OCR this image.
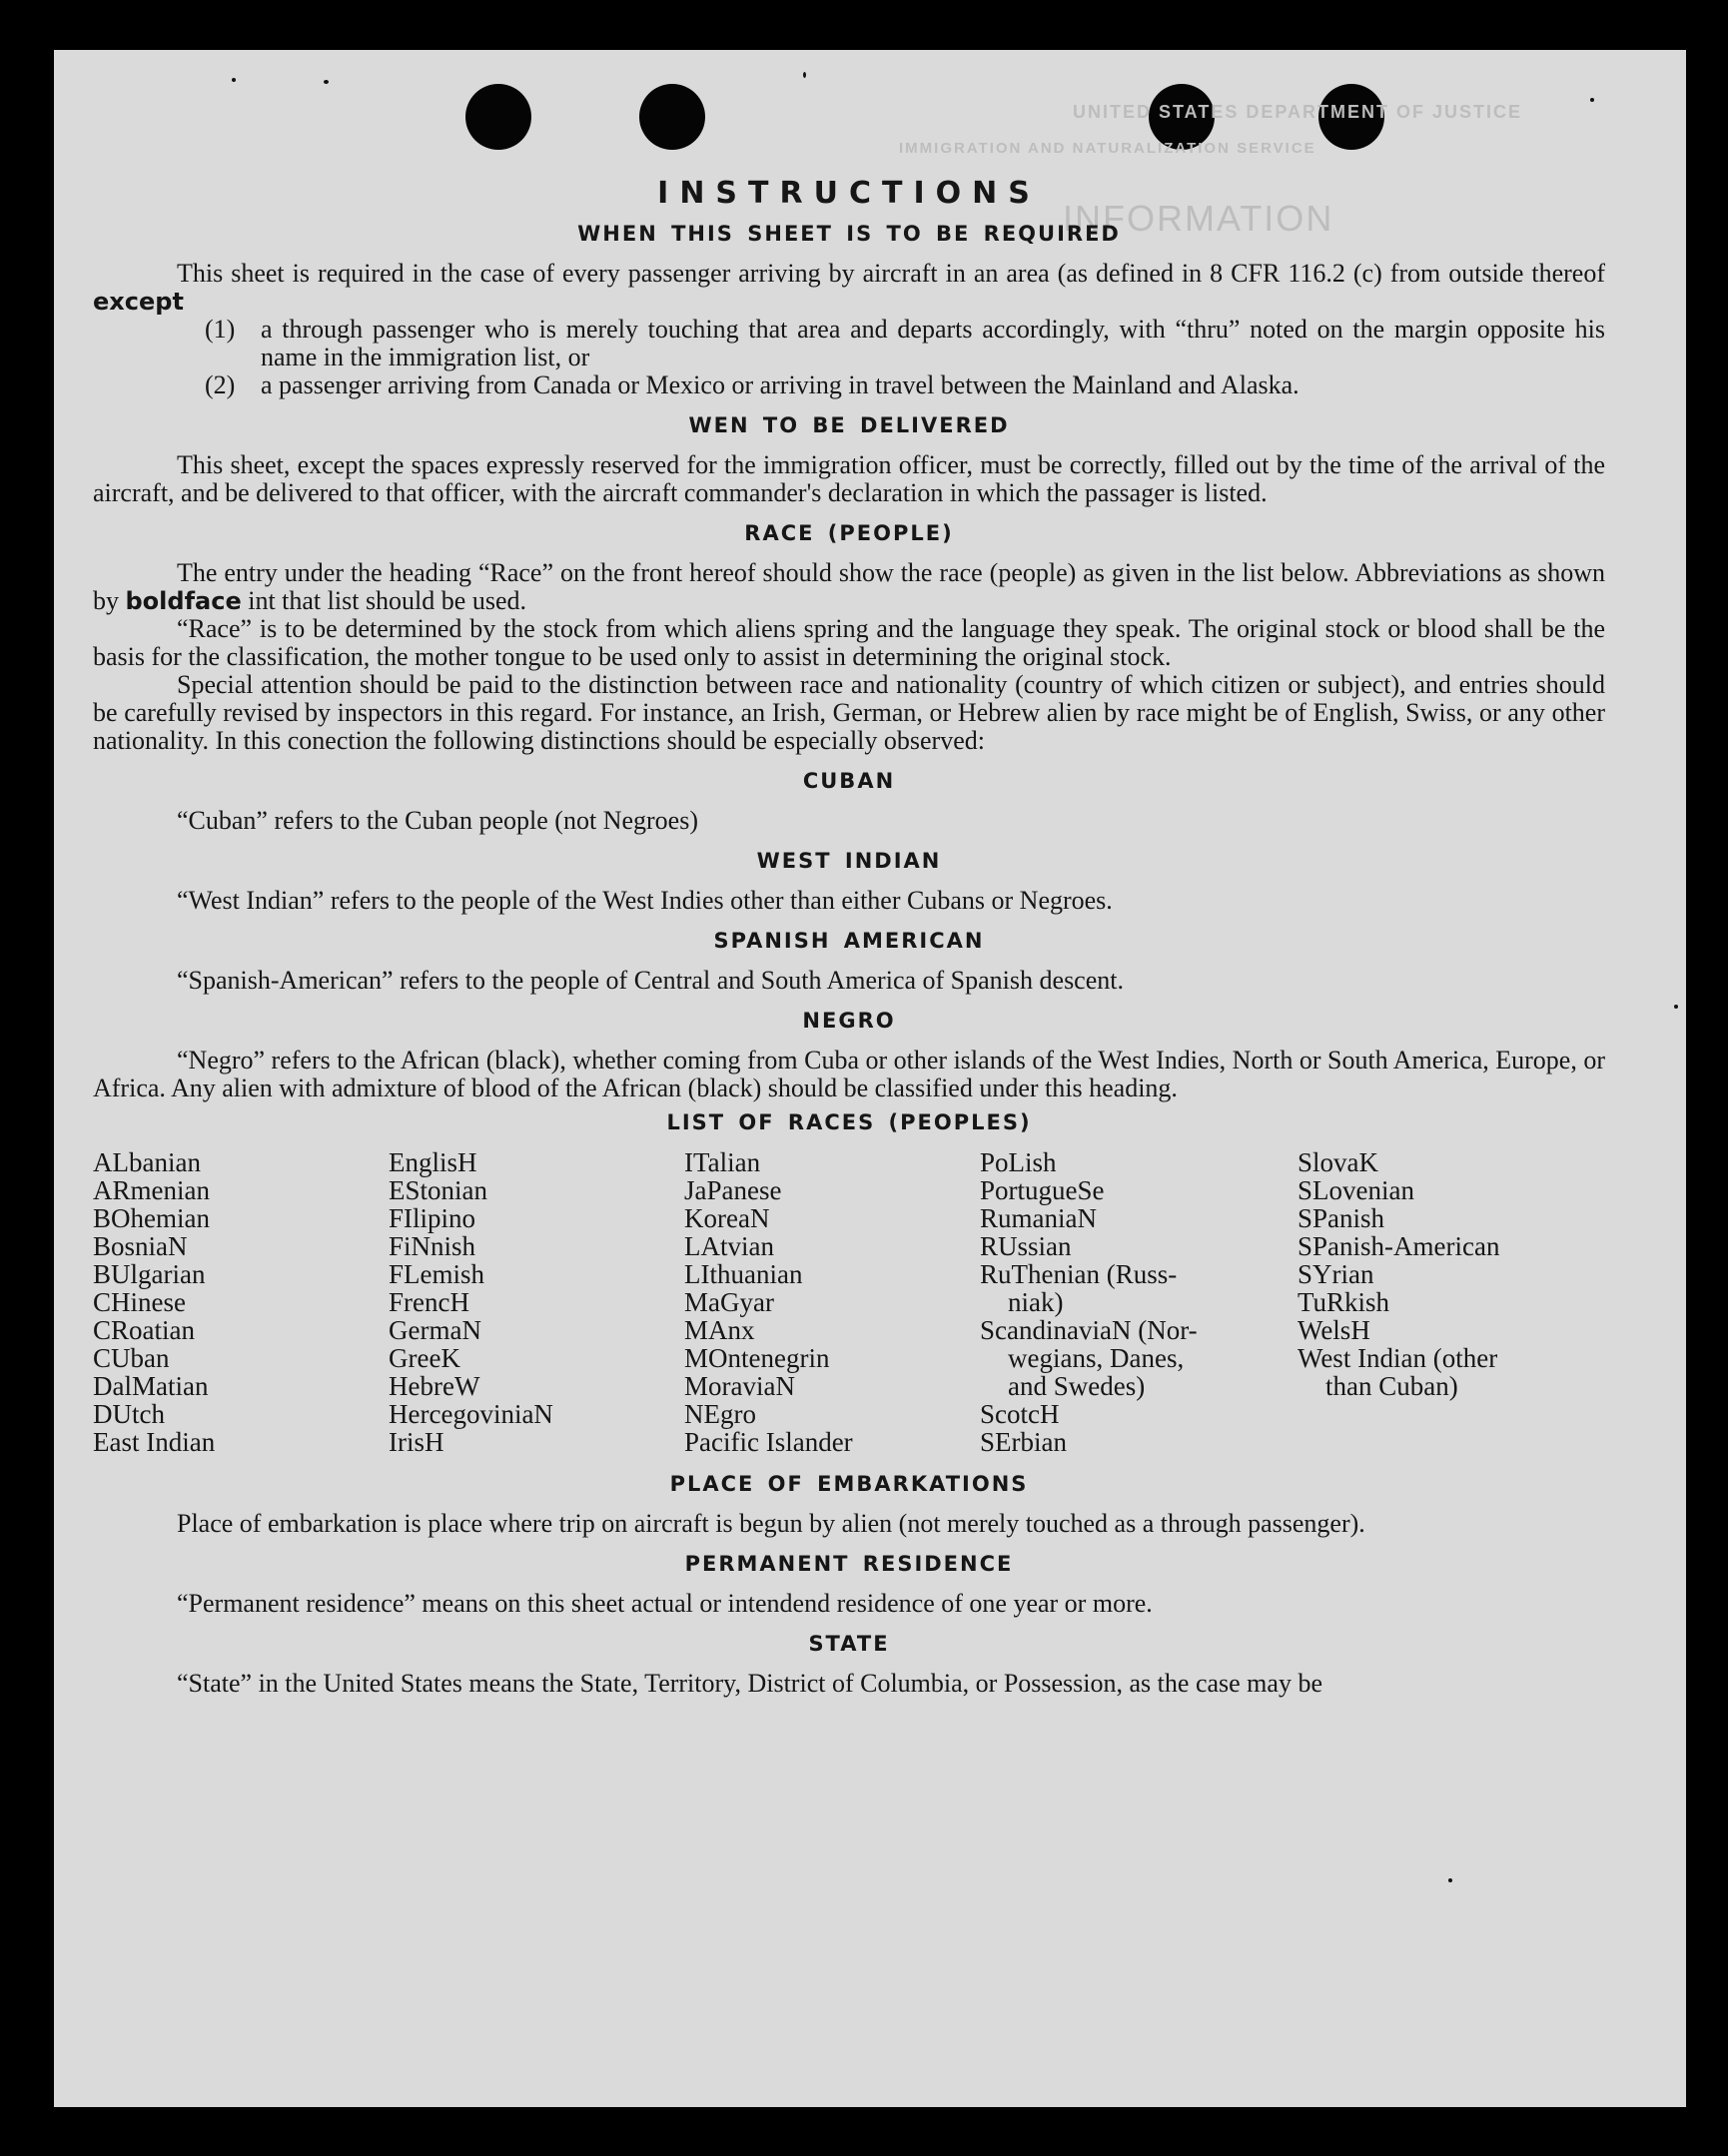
UNITED STATES DEPARTMENT OF JUSTICE
INFORMATION
IMMIGRATION AND NATURALIZATION SERVICE
INSTRUCTIONS
WHEN THIS SHEET IS TO BE REQUIRED

This sheet is required in the case of every passenger arriving by aircraft in an area (as defined in 8 CFR 116.2 (c) from outside thereof except

(1) a through passenger who is merely touching that area and departs accordingly, with “thru” noted on the margin opposite his name in the immigration list, or
(2) a passenger arriving from Canada or Mexico or arriving in travel between the Mainland and Alaska.
WEN TO BE DELIVERED

This sheet, except the spaces expressly reserved for the immigration officer, must be correctly, filled out by the time of the arrival of the aircraft, and be delivered to that officer, with the aircraft commander's declaration in which the passager is listed.

RACE (PEOPLE)

The entry under the heading “Race” on the front hereof should show the race (people) as given in the list below. Abbreviations as shown by boldface int that list should be used.

“Race” is to be determined by the stock from which aliens spring and the language they speak. The original stock or blood shall be the basis for the classification, the mother tongue to be used only to assist in determining the original stock.

Special attention should be paid to the distinction between race and nationality (country of which citizen or subject), and entries should be carefully revised by inspectors in this regard. For instance, an Irish, German, or Hebrew alien by race might be of English, Swiss, or any other nationality. In this conection the following distinctions should be especially observed:

CUBAN

“Cuban” refers to the Cuban people (not Negroes)

WEST INDIAN

“West Indian” refers to the people of the West Indies other than either Cubans or Negroes.

SPANISH AMERICAN

“Spanish-American” refers to the people of Central and South America of Spanish descent.

NEGRO

“Negro” refers to the African (black), whether coming from Cuba or other islands of the West Indies, North or South America, Europe, or Africa. Any alien with admixture of blood of the African (black) should be classified under this heading.

LIST OF RACES (PEOPLES)
ALbanian
ARmenian
BOhemian
BosniaN
BUlgarian
CHinese
CRoatian
CUban
DalMatian
DUtch
East Indian
EnglisH
EStonian
FIlipino
FiNnish
FLemish
FrencH
GermaN
GreeK
HebreW
HercegoviniaN
IrisH
ITalian
JaPanese
KoreaN
LAtvian
LIthuanian
MaGyar
MAnx
MOntenegrin
MoraviaN
NEgro
Pacific Islander
PoLish
PortugueSe
RumaniaN
RUssian
RuThenian (Russ-
niak)
ScandinaviaN (Nor-
wegians, Danes,
and Swedes)
ScotcH
SErbian
SlovaK
SLovenian
SPanish
SPanish-American
SYrian
TuRkish
WelsH
West Indian (other
than Cuban)
PLACE OF EMBARKATIONS

Place of embarkation is place where trip on aircraft is begun by alien (not merely touched as a through passenger).

PERMANENT RESIDENCE

“Permanent residence” means on this sheet actual or intendend residence of one year or more.

STATE

“State” in the United States means the State, Territory, District of Columbia, or Possession, as the case may be
